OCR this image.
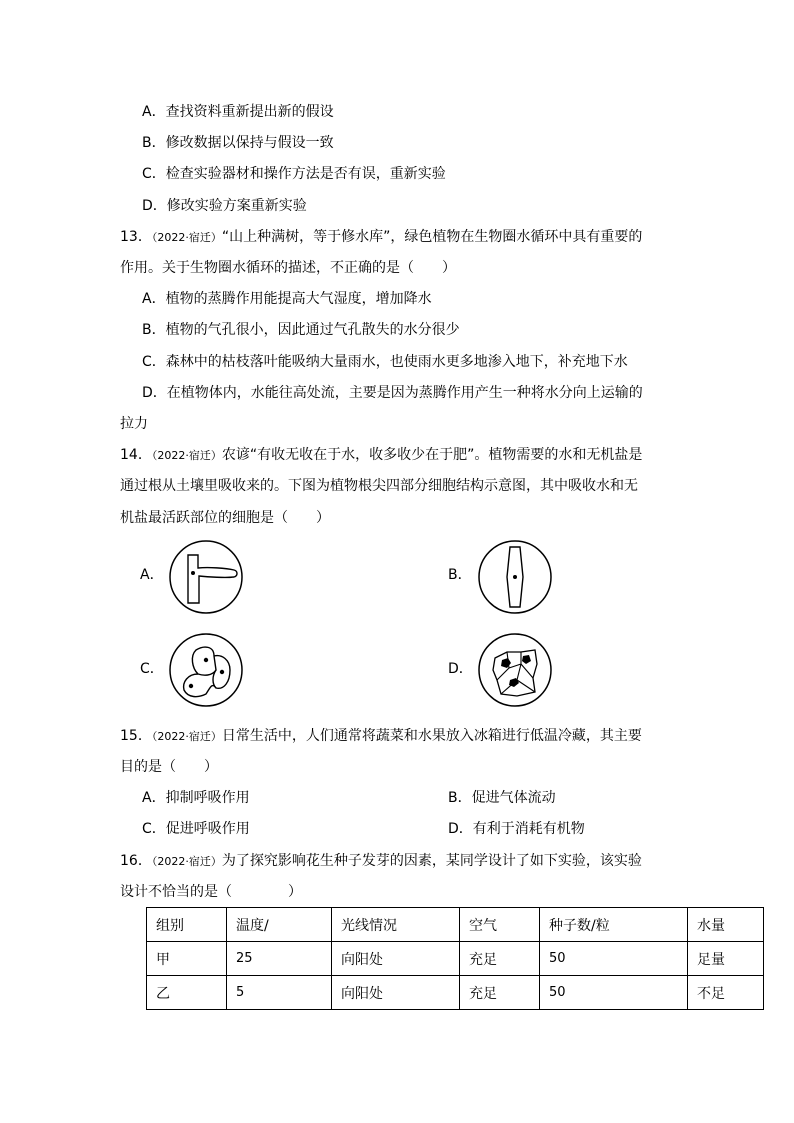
A．查找资料重新提出新的假设
B．修改数据以保持与假设一致
C．检查实验器材和操作方法是否有误，重新实验
D．修改实验方案重新实验
13．（2022·宿迁）“山上种满树，等于修水库”，绿色植物在生物圈水循环中具有重要的
作用。关于生物圈水循环的描述，不正确的是（　　）
A．植物的蒸腾作用能提高大气湿度，增加降水
B．植物的气孔很小，因此通过气孔散失的水分很少
C．森林中的枯枝落叶能吸纳大量雨水，也使雨水更多地渗入地下，补充地下水
D．在植物体内，水能往高处流，主要是因为蒸腾作用产生一种将水分向上运输的
拉力
14．（2022·宿迁）农谚“有收无收在于水，收多收少在于肥”。植物需要的水和无机盐是
通过根从土壤里吸收来的。下图为植物根尖四部分细胞结构示意图，其中吸收水和无
机盐最活跃部位的细胞是（　　）
A．	B．
C．	D．
15．（2022·宿迁）日常生活中，人们通常将蔬菜和水果放入冰箱进行低温冷藏，其主要
目的是（　　）
A．抑制呼吸作用	B．促进气体流动
C．促进呼吸作用	D．有利于消耗有机物
16．（2022·宿迁）为了探究影响花生种子发芽的因素，某同学设计了如下实验，该实验
设计不恰当的是（　　　　）
组别	温度/	光线情况	空气	种子数/粒	水量
甲	25	向阳处	充足	50	足量
乙	5	向阳处	充足	50	不足
